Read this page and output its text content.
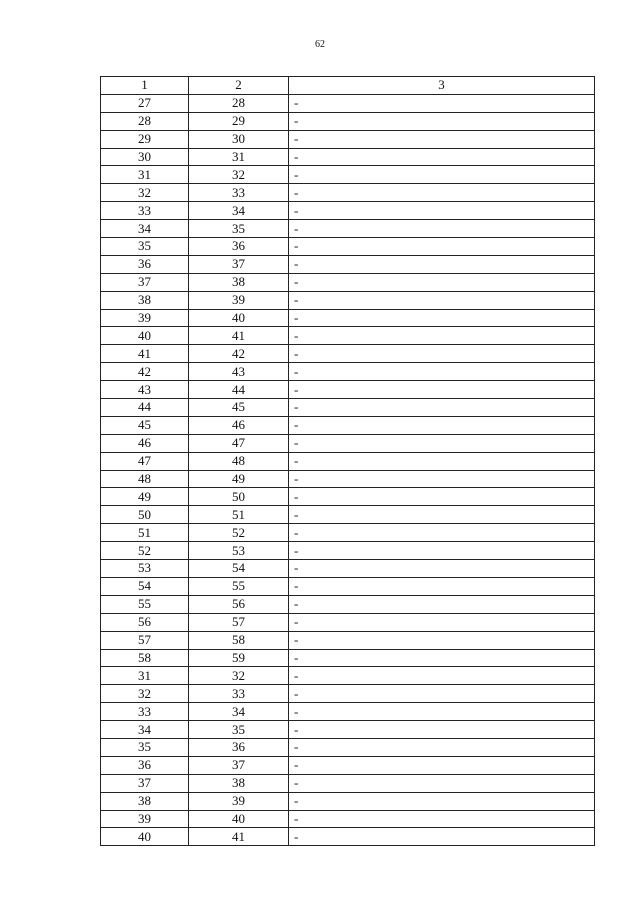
62
1	2	3
27	28	-
28	29	-
29	30	-
30	31	-
31	32	-
32	33	-
33	34	-
34	35	-
35	36	-
36	37	-
37	38	-
38	39	-
39	40	-
40	41	-
41	42	-
42	43	-
43	44	-
44	45	-
45	46	-
46	47	-
47	48	-
48	49	-
49	50	-
50	51	-
51	52	-
52	53	-
53	54	-
54	55	-
55	56	-
56	57	-
57	58	-
58	59	-
31	32	-
32	33	-
33	34	-
34	35	-
35	36	-
36	37	-
37	38	-
38	39	-
39	40	-
40	41	-
